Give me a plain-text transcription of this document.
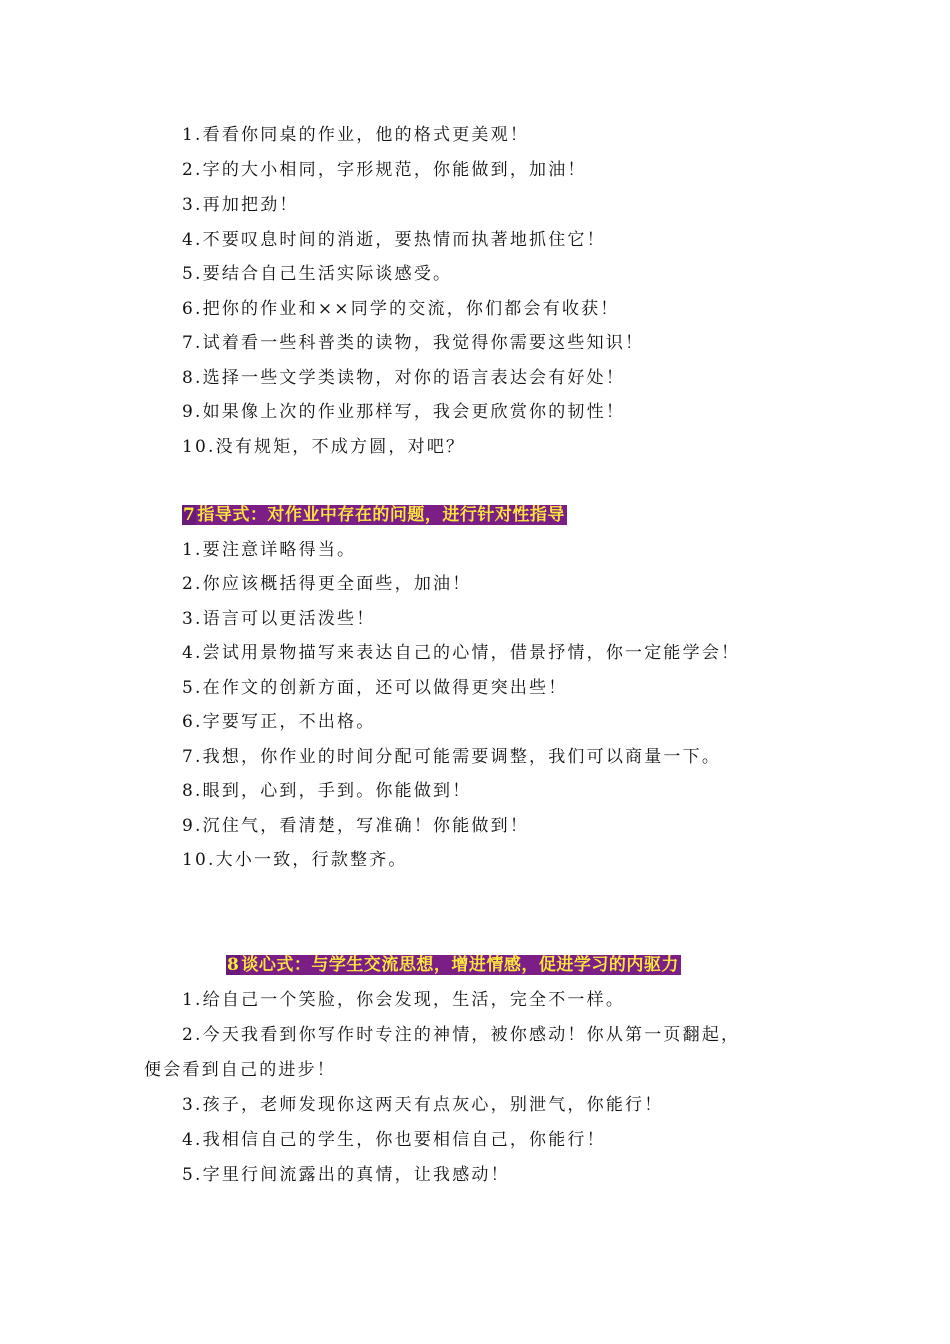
1.看看你同桌的作业，他的格式更美观！
2.字的大小相同，字形规范，你能做到，加油！
3.再加把劲！
4.不要叹息时间的消逝，要热情而执著地抓住它！
5.要结合自己生活实际谈感受。
6.把你的作业和××同学的交流，你们都会有收获！
7.试着看一些科普类的读物，我觉得你需要这些知识！
8.选择一些文学类读物，对你的语言表达会有好处！
9.如果像上次的作业那样写，我会更欣赏你的韧性！
10.没有规矩，不成方圆，对吧？
7 指导式：对作业中存在的问题，进行针对性指导
1.要注意详略得当。
2.你应该概括得更全面些，加油！
3.语言可以更活泼些！
4.尝试用景物描写来表达自己的心情，借景抒情，你一定能学会！
5.在作文的创新方面，还可以做得更突出些！
6.字要写正，不出格。
7.我想，你作业的时间分配可能需要调整，我们可以商量一下。
8.眼到，心到，手到。你能做到！
9.沉住气，看清楚，写准确！你能做到！
10.大小一致，行款整齐。
8 谈心式：与学生交流思想，增进情感，促进学习的内驱力
1.给自己一个笑脸，你会发现，生活，完全不一样。
2.今天我看到你写作时专注的神情，被你感动！你从第一页翻起，
便会看到自己的进步！
3.孩子，老师发现你这两天有点灰心，别泄气，你能行！
4.我相信自己的学生，你也要相信自己，你能行！
5.字里行间流露出的真情，让我感动！
